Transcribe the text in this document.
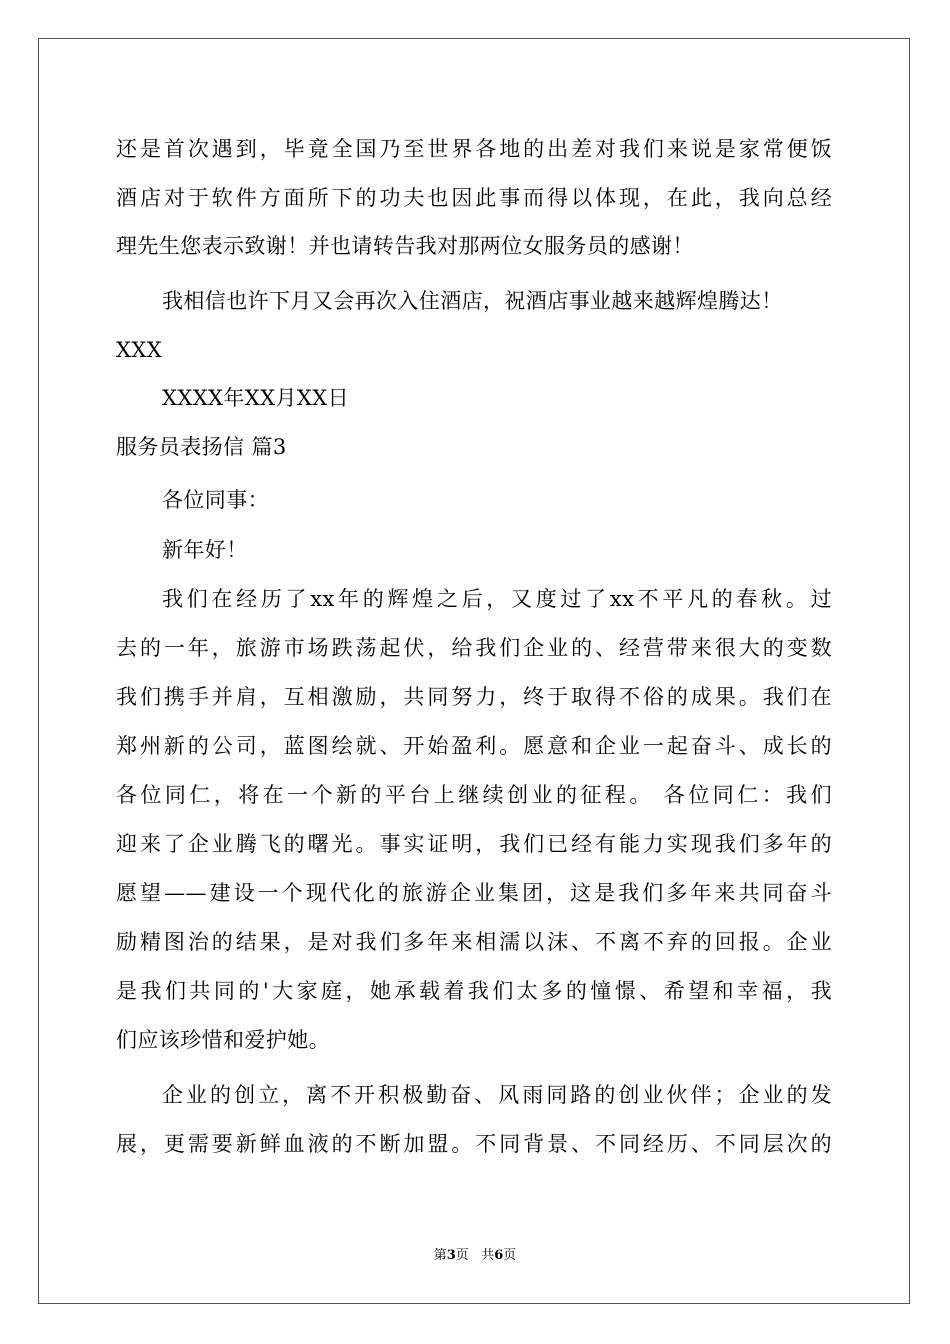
还是首次遇到，毕竟全国乃至世界各地的出差对我们来说是家常便饭
酒店对于软件方面所下的功夫也因此事而得以体现，在此，我向总经
理先生您表示致谢！并也请转告我对那两位女服务员的感谢！
我相信也许下月又会再次入住酒店，祝酒店事业越来越辉煌腾达！
XXX
XXXX年XX月XX日
服务员表扬信 篇3
各位同事：
新年好！
我们在经历了xx年的辉煌之后，又度过了xx不平凡的春秋。过
去的一年，旅游市场跌荡起伏，给我们企业的、经营带来很大的变数
我们携手并肩，互相激励，共同努力，终于取得不俗的成果。我们在
郑州新的公司，蓝图绘就、开始盈利。愿意和企业一起奋斗、成长的
各位同仁，将在一个新的平台上继续创业的征程。 各位同仁：我们
迎来了企业腾飞的曙光。事实证明，我们已经有能力实现我们多年的
愿望——建设一个现代化的旅游企业集团，这是我们多年来共同奋斗
励精图治的结果，是对我们多年来相濡以沫、不离不弃的回报。企业
是我们共同的'大家庭，她承载着我们太多的憧憬、希望和幸福，我
们应该珍惜和爱护她。
企业的创立，离不开积极勤奋、风雨同路的创业伙伴；企业的发
展，更需要新鲜血液的不断加盟。不同背景、不同经历、不同层次的
第3页 共6页
